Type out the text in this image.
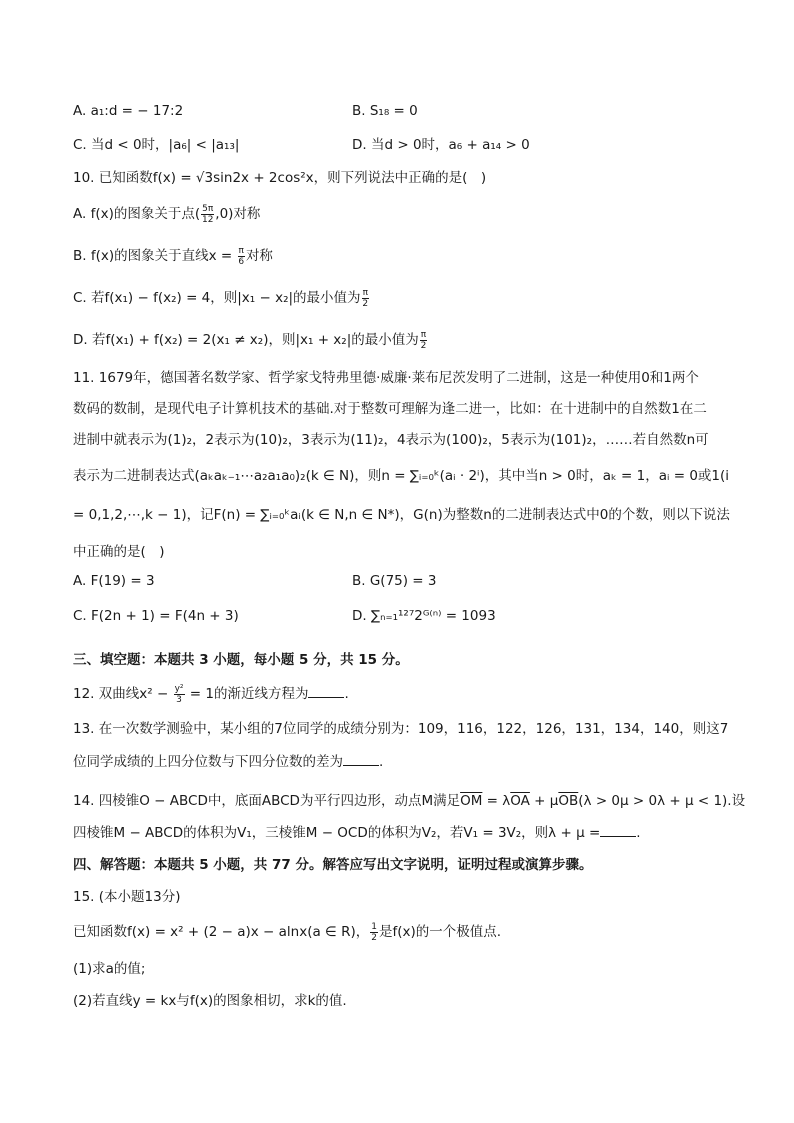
A. a₁:d = − 17:2	B. S₁₈ = 0
C. 当d < 0时，|a₆| < |a₁₃|	D. 当d > 0时，a₆ + a₁₄ > 0
10. 已知函数f(x) = √3sin2x + 2cos²x，则下列说法中正确的是(　)
A. f(x)的图象关于点( $\frac{5\pi}{12} ,0$)对称
B. f(x)的图象关于直线$x = \frac{\pi}{6}$ 对称
C. 若f(x₁) − f(x₂) = 4，则|x₁ − x₂|的最小值为 $\frac{\pi}{2}$
D. 若f(x₁) + f(x₂) = 2(x₁ ≠ x₂)，则|x₁ + x₂|的最小值为 $\frac{\pi}{2}$
11. 1679年，德国著名数学家、哲学家戈特弗里德·威廉·莱布尼茨发明了二进制，这是一种使用0和1两个
数码的数制，是现代电子计算机技术的基础.对于整数可理解为逢二进一，比如：在十进制中的自然数1在二
进制中就表示为(1)₂，2表示为(10)₂，3表示为(11)₂，4表示为(100)₂，5表示为(101)₂，……若自然数n可
表示为二进制表达式(aₖaₖ₋₁⋯a₂a₁a₀)₂(k ∈ N)，则n = ∑ᵢ₌₀ᵏ(aᵢ · 2ⁱ)，其中当n > 0时，aₖ = 1，aᵢ = 0或1(i
= 0,1,2,⋯,k − 1)，记F(n) = ∑ᵢ₌₀ᵏaᵢ(k ∈ N,n ∈ N*)，G(n)为整数n的二进制表达式中0的个数，则以下说法
中正确的是(　)
A. F(19) = 3	B. G(75) = 3
C. F(2n + 1) = F(4n + 3)	D. ∑ₙ₌₁¹²⁷2ᴳ⁽ⁿ⁾ = 1093
三、填空题：本题共 3 小题，每小题 5 分，共 15 分。
12. 双曲线$x^2 - \frac{\text{y²}}{3} = 1$的渐近线方程为	.
13. 在一次数学测验中，某小组的7位同学的成绩分别为：109，116，122，126，131，134，140，则这7
位同学成绩的上四分位数与下四分位数的差为	.
14. 四棱锥O − ABCD中，底面ABCD为平行四边形，动点M满足$\overline{OM} = \lambda\overline{OA} + \mu\overline{OB}(\lambda > 0\mu > 0\lambda + \mu < 1)$.设
四棱锥M − ABCD的体积为V₁，三棱锥M − OCD的体积为V₂，若V₁ = 3V₂，则λ + μ =	.
四、解答题：本题共 5 小题，共 77 分。解答应写出文字说明，证明过程或演算步骤。
15. (本小题13分)
已知函数f(x) = x² + (2 − a)x − alnx(a ∈ R)， $\frac{1}{2}$ 是f(x)的一个极值点.
(1)求a的值;
(2)若直线y = kx与f(x)的图象相切，求k的值.
